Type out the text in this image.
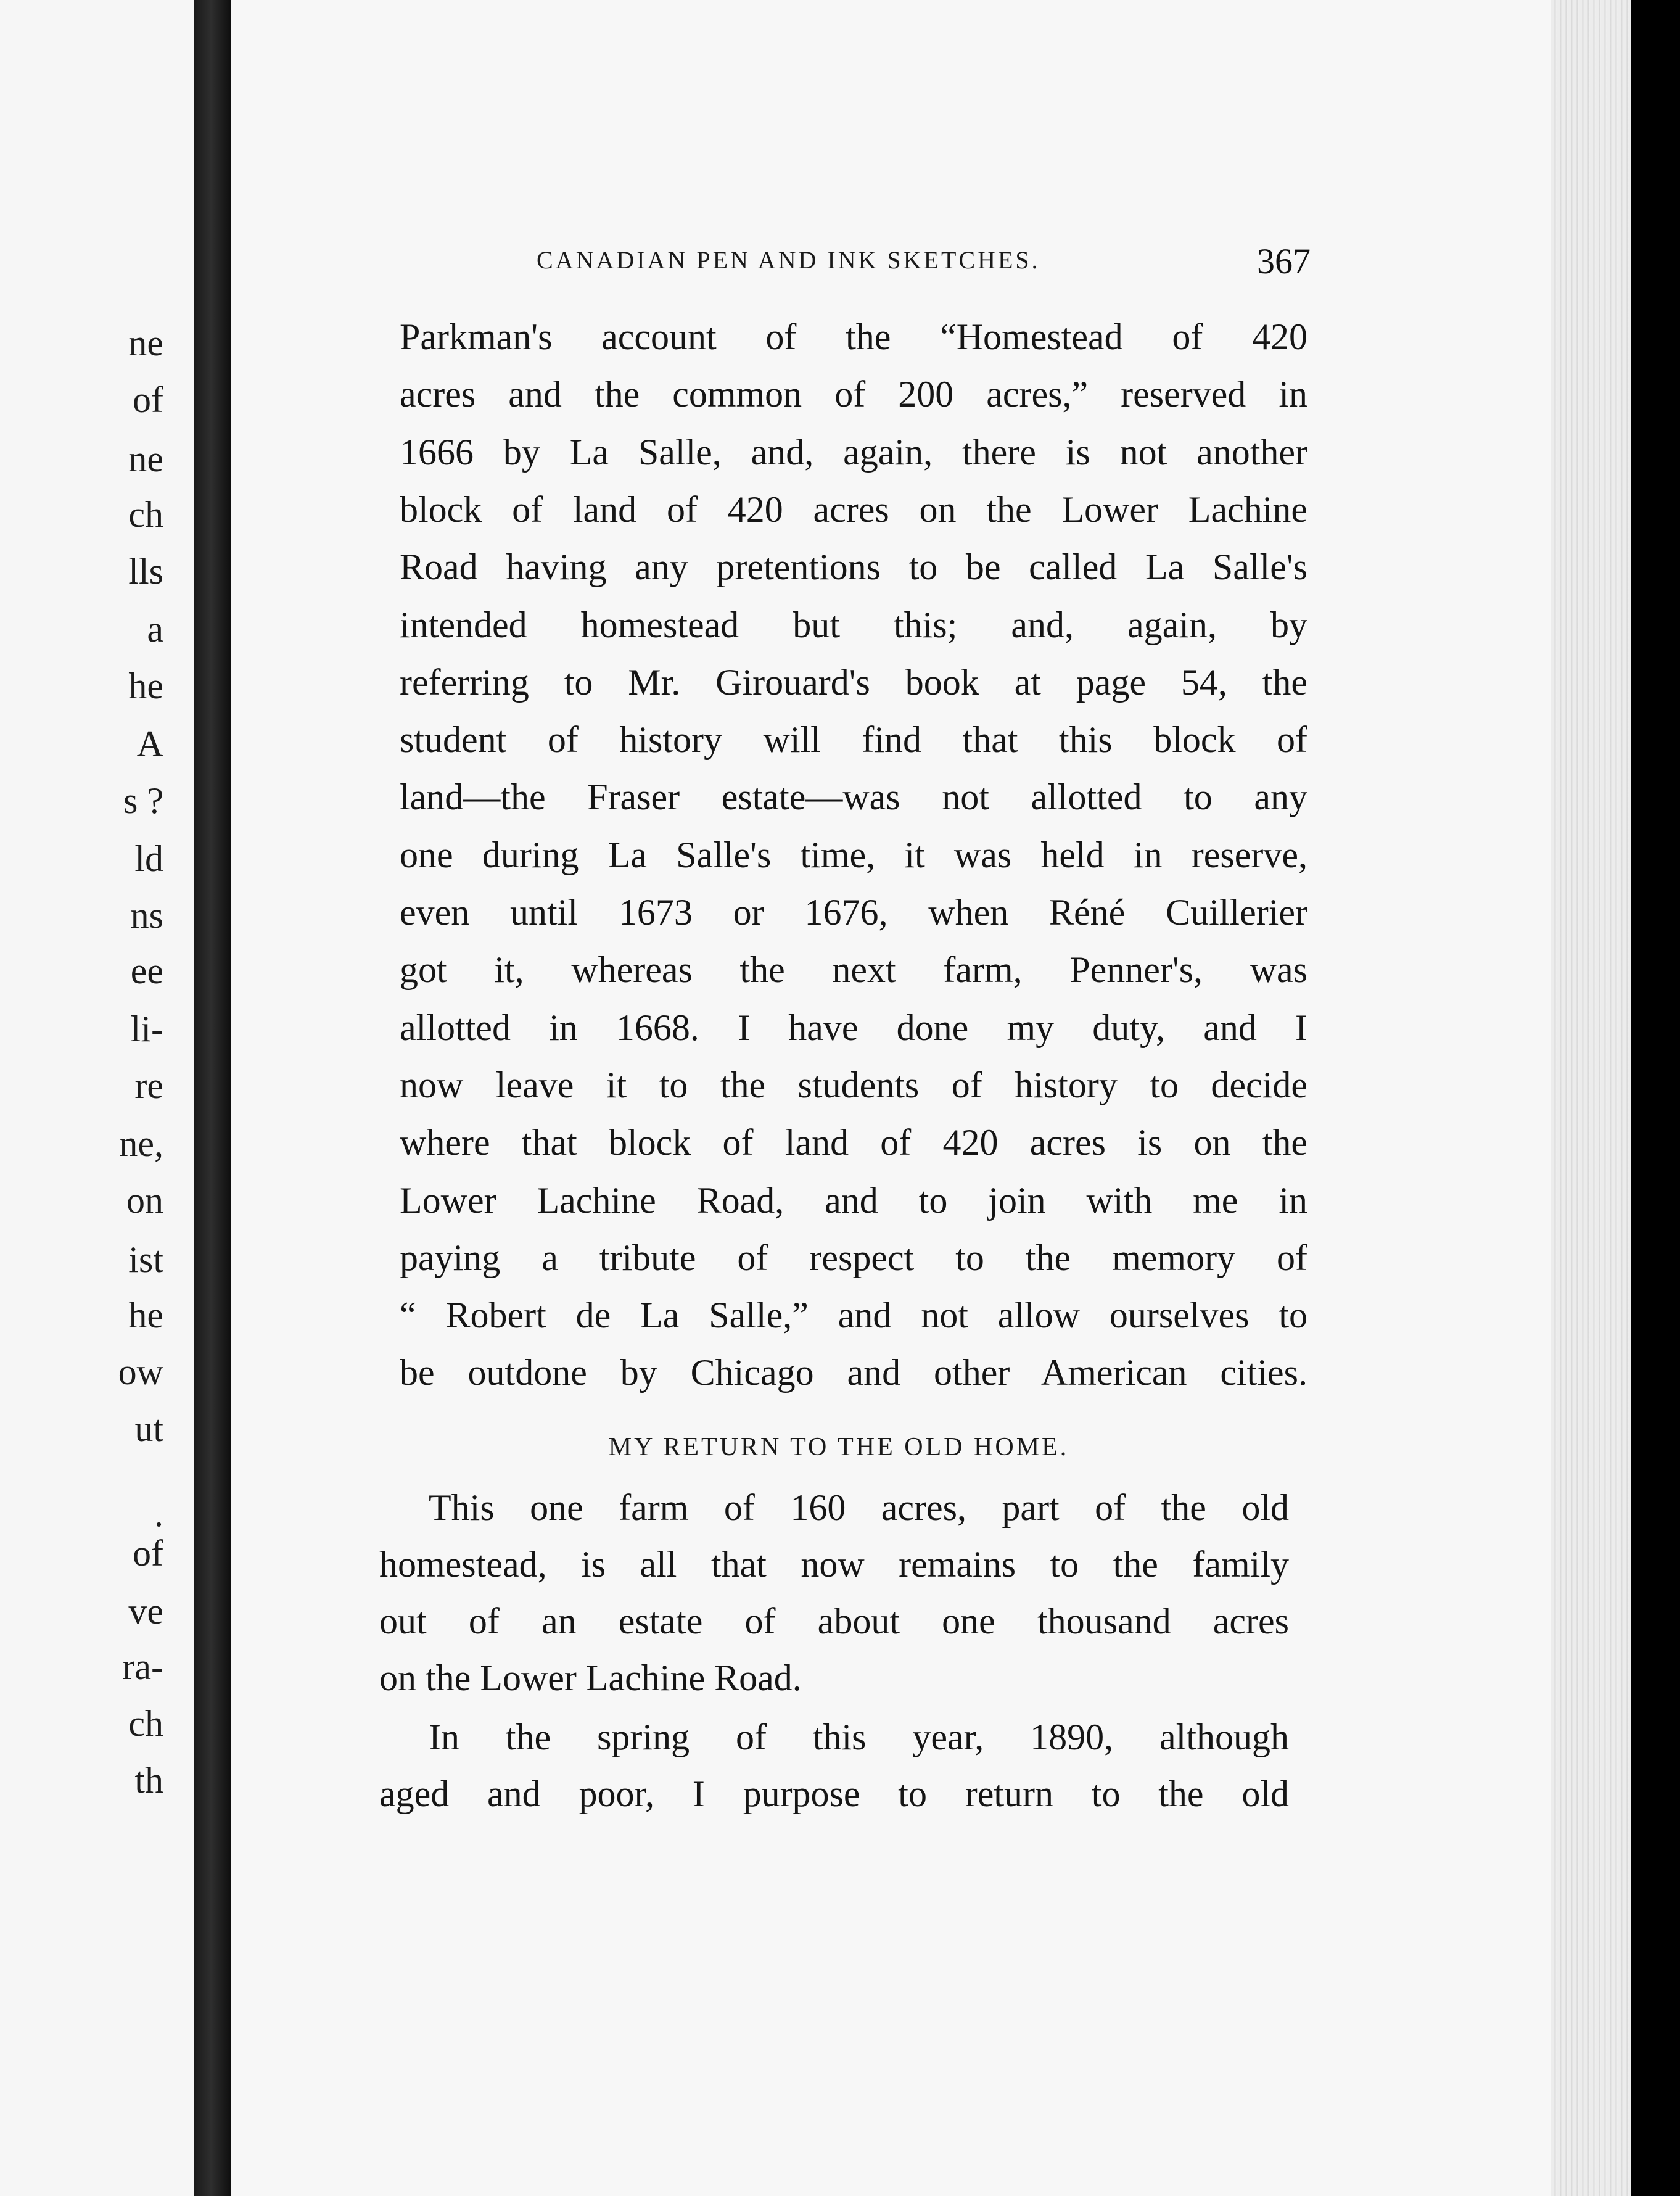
ne
of
ne
ch
lls
a
he
A
s ?
ld
ns
ee
li-
re
ne,
on
ist
he
ow
ut
.
of
ve
ra-
ch
th
CANADIAN PEN AND INK SKETCHES.	367
Parkman's account of the “Homestead of 420
acres and the common of 200 acres,” reserved in
1666 by La Salle, and, again, there is not another
block of land of 420 acres on the Lower Lachine
Road having any pretentions to be called La Salle's
intended homestead but this; and, again, by
referring to Mr. Girouard's book at page 54, the
student of history will find that this block of
land—the Fraser estate—was not allotted to any
one during La Salle's time, it was held in reserve,
even until 1673 or 1676, when Réné Cuillerier
got it, whereas the next farm, Penner's, was
allotted in 1668. I have done my duty, and I
now leave it to the students of history to decide
where that block of land of 420 acres is on the
Lower Lachine Road, and to join with me in
paying a tribute of respect to the memory of
“ Robert de La Salle,” and not allow ourselves to
be outdone by Chicago and other American cities.
This one farm of 160 acres, part of the old
homestead, is all that now remains to the family
out of an estate of about one thousand acres
on the Lower Lachine Road.
In the spring of this year, 1890, although
aged and poor, I purpose to return to the old
MY RETURN TO THE OLD HOME.
